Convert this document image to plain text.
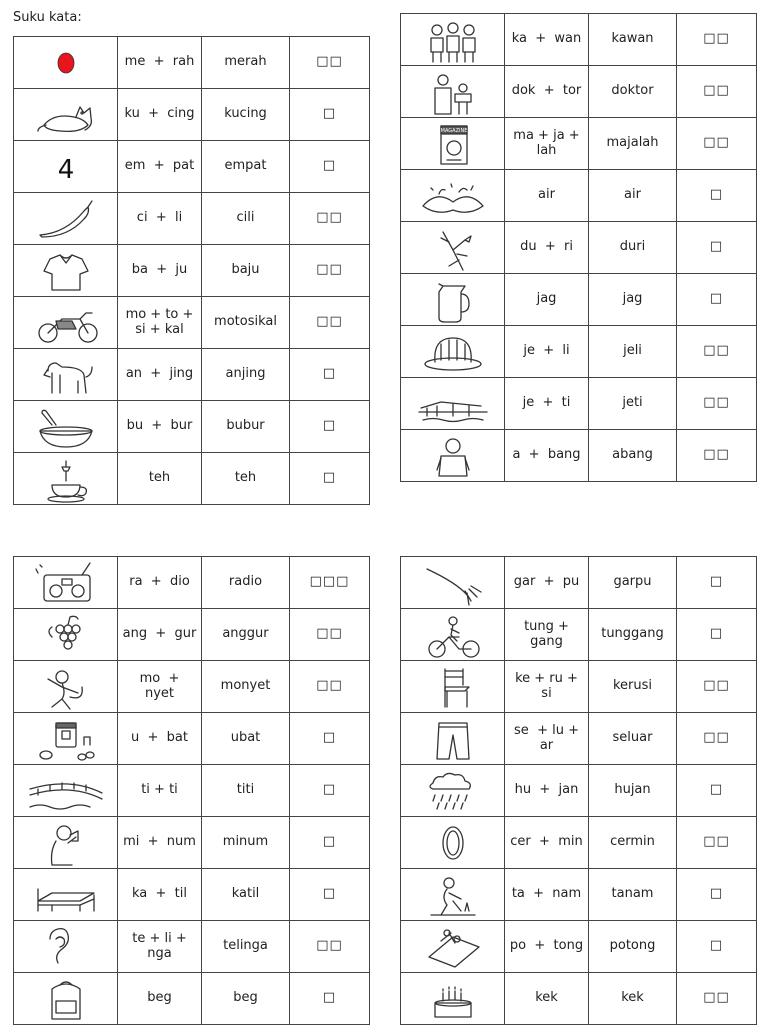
Suku kata:
	me  +  rah	merah	□□

	ku  +  cing	kucing	□

4	em  +  pat	empat	□

	ci  +  li	cili	□□

	ba  +  ju	baju	□□

	mo + to +
si + kal	motosikal	□□

	an  +  jing	anjing	□

	bu  +  bur	bubur	□

	teh	teh	□
	ka  +  wan	kawan	□□

	dok  +  tor	doktor	□□

MAGAZINE	ma + ja +
lah	majalah	□□

	air	air	□

	du  +  ri	duri	□

	jag	jag	□

	je  +  li	jeli	□□

	je  +  ti	jeti	□□

	a  +  bang	abang	□□
	ra  +  dio	radio	□□□

	ang  +  gur	anggur	□□

	mo  +
nyet	monyet	□□

	u  +  bat	ubat	□

	ti + ti	titi	□

	mi  +  num	minum	□

	ka  +  til	katil	□

	te + li +
nga	telinga	□□

	beg	beg	□
	gar  +  pu	garpu	□

	tung +
gang	tunggang	□

	ke + ru +
si	kerusi	□□

	se  + lu +
ar	seluar	□□

	hu  +  jan	hujan	□

	cer  +  min	cermin	□□

	ta  +  nam	tanam	□

	po  +  tong	potong	□

	kek	kek	□□
